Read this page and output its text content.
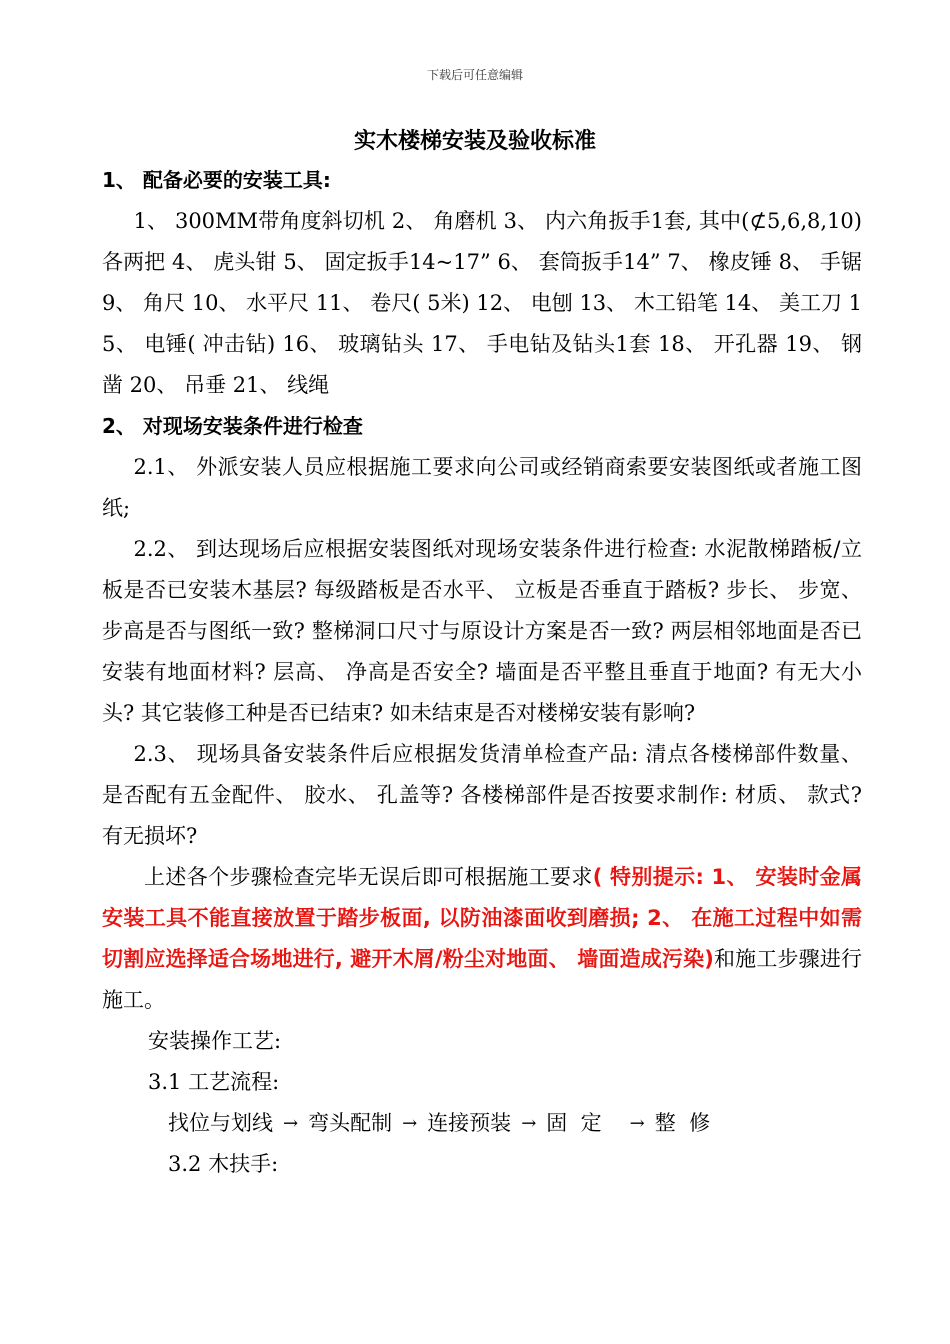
下载后可任意编辑
实木楼梯安装及验收标准

1、 配备必要的安装工具:

1、 300MM带角度斜切机 2、 角磨机 3、 内六角扳手1套, 其中(⊄5,6,8,10)各两把 4、 虎头钳 5、 固定扳手14~17” 6、 套筒扳手14” 7、 橡皮锤 8、 手锯 9、 角尺 10、 水平尺 11、 卷尺( 5米) 12、 电刨 13、 木工铅笔 14、 美工刀 15、 电锤( 冲击钻) 16、 玻璃钻头 17、 手电钻及钻头1套 18、 开孔器 19、 钢凿 20、 吊垂 21、 线绳

2、 对现场安装条件进行检查

2.1、 外派安装人员应根据施工要求向公司或经销商索要安装图纸或者施工图纸;

2.2、 到达现场后应根据安装图纸对现场安装条件进行检查: 水泥散梯踏板/立板是否已安装木基层? 每级踏板是否水平、 立板是否垂直于踏板? 步长、 步宽、 步高是否与图纸一致? 整梯洞口尺寸与原设计方案是否一致? 两层相邻地面是否已安装有地面材料? 层高、 净高是否安全? 墙面是否平整且垂直于地面? 有无大小头? 其它装修工种是否已结束? 如未结束是否对楼梯安装有影响?

2.3、 现场具备安装条件后应根据发货清单检查产品: 清点各楼梯部件数量、 是否配有五金配件、 胶水、 孔盖等? 各楼梯部件是否按要求制作: 材质、 款式? 有无损坏?

上述各个步骤检查完毕无误后即可根据施工要求( 特别提示: 1、 安装时金属安装工具不能直接放置于踏步板面, 以防油漆面收到磨损; 2、 在施工过程中如需切割应选择适合场地进行, 避开木屑/粉尘对地面、 墙面造成污染)和施工步骤进行施工。

安装操作工艺:

3.1 工艺流程:

找位与划线 → 弯头配制 → 连接预装 → 固  定 → 整  修

3.2 木扶手:
